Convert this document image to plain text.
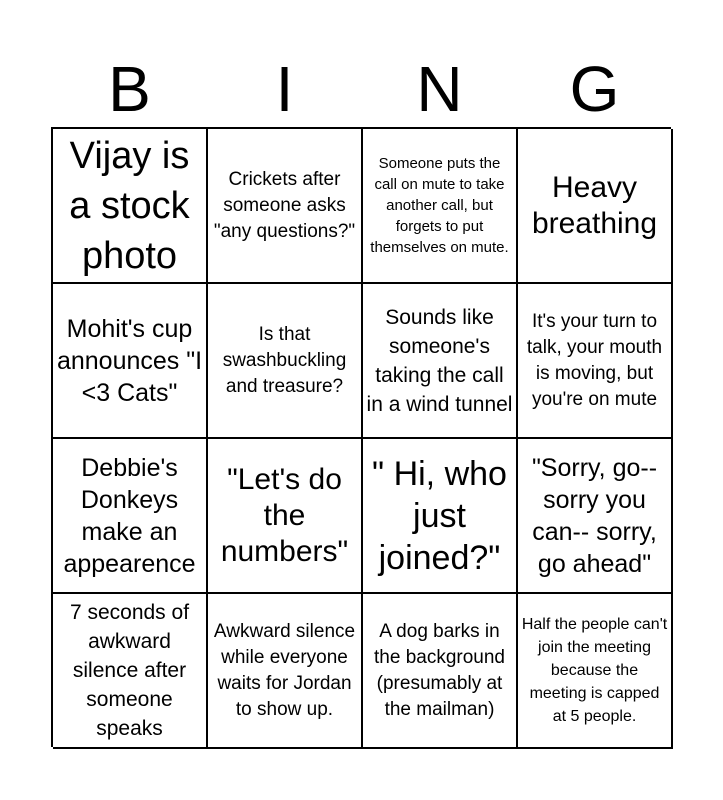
B	I	N	G
Vijay is a stock photo
Crickets after someone asks "any questions?"
Someone puts the call on mute to take another call, but forgets to put themselves on mute.
Heavy breathing
Mohit's cup announces "I <3 Cats"
Is that swashbuckling and treasure?
Sounds like someone's taking the call in a wind tunnel
It's your turn to talk, your mouth is moving, but you're on mute
Debbie's Donkeys make an appearence
"Let's do the numbers"
" Hi, who just joined?"
"Sorry, go-- sorry you can-- sorry, go ahead"
7 seconds of awkward silence after someone speaks
Awkward silence while everyone waits for Jordan to show up.
A dog barks in the background (presumably at the mailman)
Half the people can't join the meeting because the meeting is capped at 5 people.
